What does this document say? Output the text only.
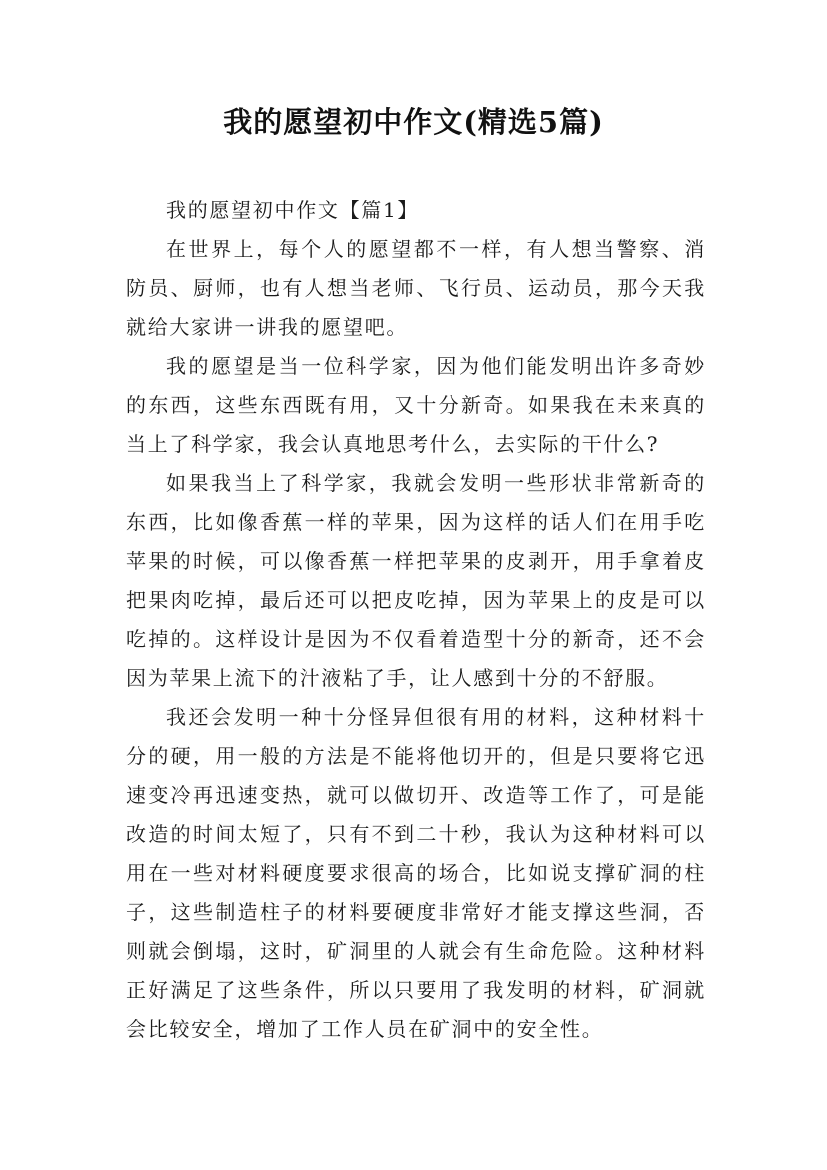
我的愿望初中作文(精选5篇)

我的愿望初中作文【篇1】

在世界上，每个人的愿望都不一样，有人想当警察、消防员、厨师，也有人想当老师、飞行员、运动员，那今天我就给大家讲一讲我的愿望吧。

我的愿望是当一位科学家，因为他们能发明出许多奇妙的东西，这些东西既有用，又十分新奇。如果我在未来真的当上了科学家，我会认真地思考什么，去实际的干什么?

如果我当上了科学家，我就会发明一些形状非常新奇的东西，比如像香蕉一样的苹果，因为这样的话人们在用手吃苹果的时候，可以像香蕉一样把苹果的皮剥开，用手拿着皮把果肉吃掉，最后还可以把皮吃掉，因为苹果上的皮是可以吃掉的。这样设计是因为不仅看着造型十分的新奇，还不会因为苹果上流下的汁液粘了手，让人感到十分的不舒服。

我还会发明一种十分怪异但很有用的材料，这种材料十分的硬，用一般的方法是不能将他切开的，但是只要将它迅速变冷再迅速变热，就可以做切开、改造等工作了，可是能改造的时间太短了，只有不到二十秒，我认为这种材料可以用在一些对材料硬度要求很高的场合，比如说支撑矿洞的柱子，这些制造柱子的材料要硬度非常好才能支撑这些洞，否则就会倒塌，这时，矿洞里的人就会有生命危险。这种材料正好满足了这些条件，所以只要用了我发明的材料，矿洞就会比较安全，增加了工作人员在矿洞中的安全性。
